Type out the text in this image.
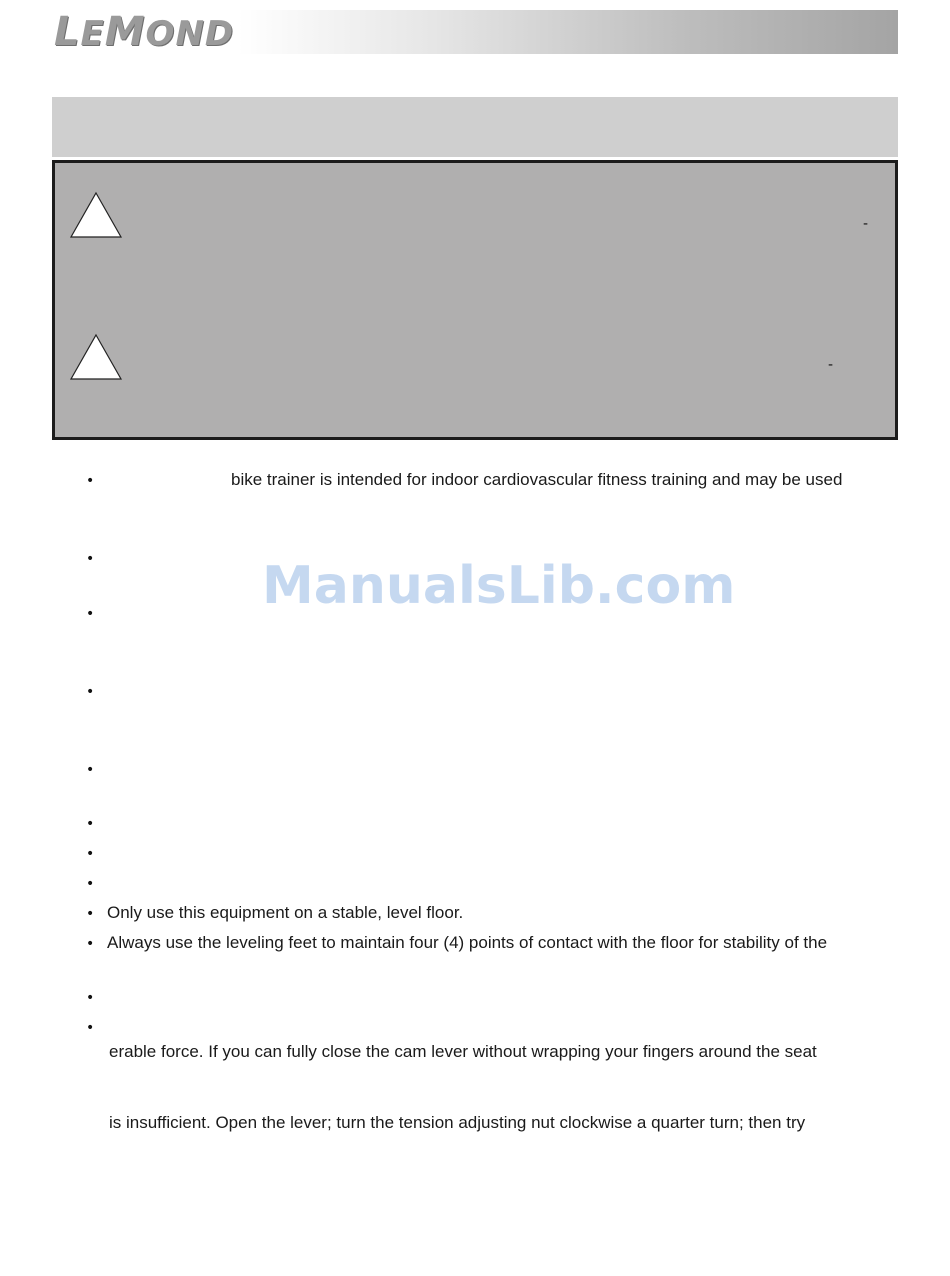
LEMOND
-
-
ManualsLib.com
•
•
•
•
•
•
•
•
•
•
•
•
bike trainer is intended for indoor cardiovascular fitness training and may be used
Only use this equipment on a stable, level floor.
Always use the leveling feet to maintain four (4) points of contact with the floor for stability of the
erable force. If you can fully close the cam lever without wrapping your fingers around the seat
is insufficient. Open the lever; turn the tension adjusting nut clockwise a quarter turn; then try
